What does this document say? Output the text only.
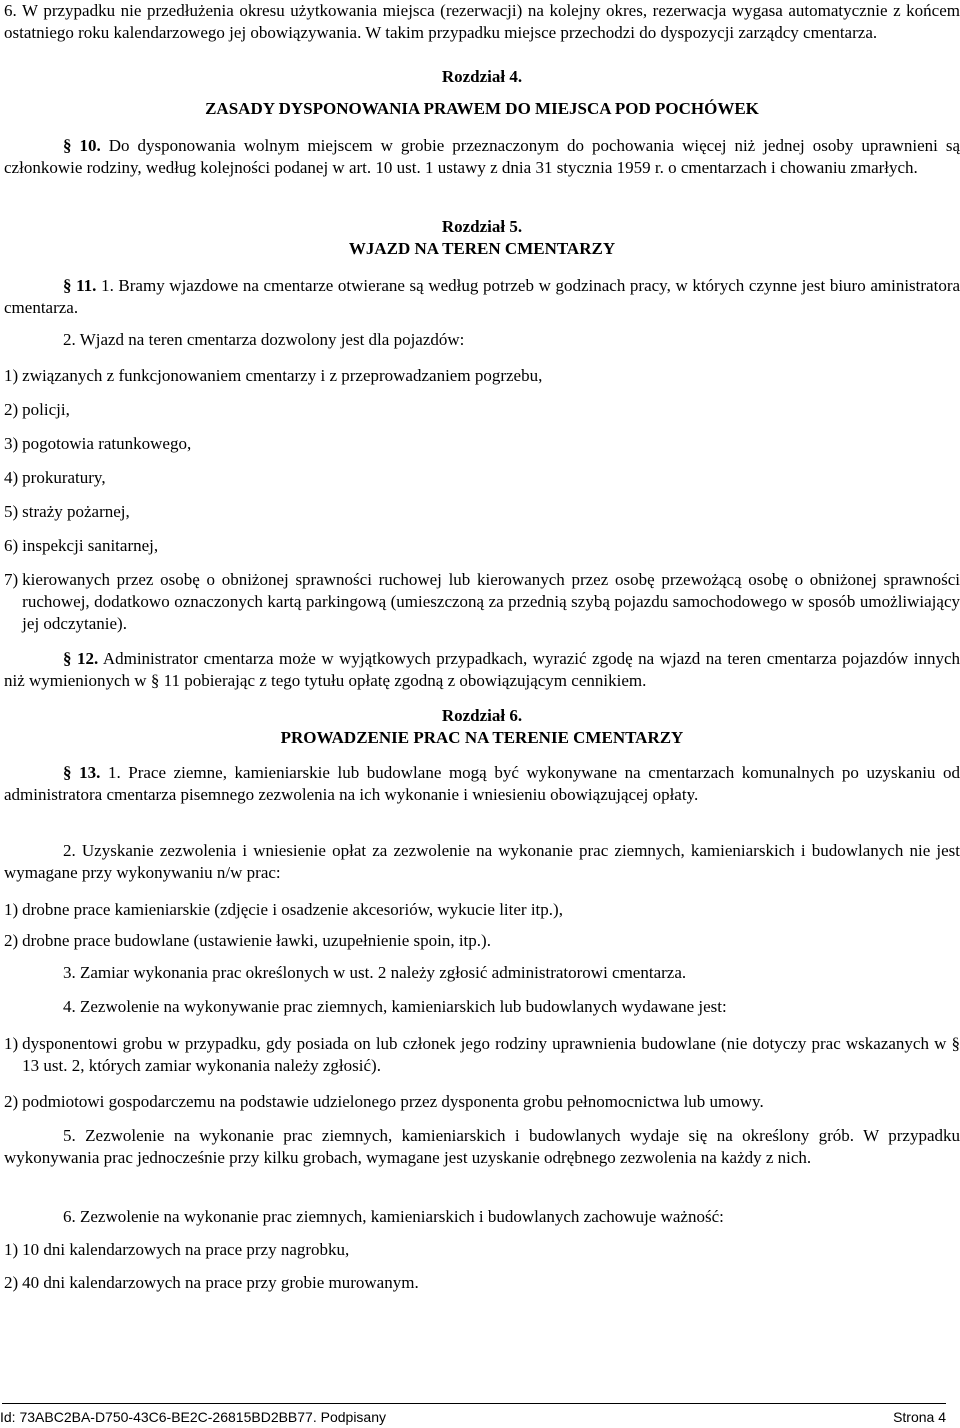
6. W przypadku nie przedłużenia okresu użytkowania miejsca (rezerwacji) na kolejny okres, rezerwacja wygasa automatycznie z końcem ostatniego roku kalendarzowego jej obowiązywania. W takim przypadku miejsce przechodzi do dyspozycji zarządcy cmentarza.

Rozdział 4.

ZASADY DYSPONOWANIA PRAWEM DO MIEJSCA POD POCHÓWEK

§ 10. Do dysponowania wolnym miejscem w grobie przeznaczonym do pochowania więcej niż jednej osoby uprawnieni są członkowie rodziny, według kolejności podanej w art. 10 ust. 1 ustawy z dnia 31 stycznia 1959 r. o cmentarzach i chowaniu zmarłych.

Rozdział 5.

WJAZD NA TEREN CMENTARZY

§ 11. 1. Bramy wjazdowe na cmentarze otwierane są według potrzeb w godzinach pracy, w których czynne jest biuro aministratora cmentarza.

2. Wjazd na teren cmentarza dozwolony jest dla pojazdów:

1) związanych z funkcjonowaniem cmentarzy i z przeprowadzaniem pogrzebu,
2) policji,
3) pogotowia ratunkowego,
4) prokuratury,
5) straży pożarnej,
6) inspekcji sanitarnej,
7) kierowanych przez osobę o obniżonej sprawności ruchowej lub kierowanych przez osobę przewożącą osobę o obniżonej sprawności ruchowej, dodatkowo oznaczonych kartą parkingową (umieszczoną za przednią szybą pojazdu samochodowego w sposób umożliwiający jej odczytanie).

§ 12. Administrator cmentarza może w wyjątkowych przypadkach, wyrazić zgodę na wjazd na teren cmentarza pojazdów innych niż wymienionych w § 11 pobierając z tego tytułu opłatę zgodną z obowiązującym cennikiem.

Rozdział 6.

PROWADZENIE PRAC NA TERENIE CMENTARZY

§ 13. 1. Prace ziemne, kamieniarskie lub budowlane mogą być wykonywane na cmentarzach komunalnych po uzyskaniu od administratora cmentarza pisemnego zezwolenia na ich wykonanie i wniesieniu obowiązującej opłaty.

2. Uzyskanie zezwolenia i wniesienie opłat za zezwolenie na wykonanie prac ziemnych, kamieniarskich i budowlanych nie jest wymagane przy wykonywaniu n/w prac:

1) drobne prace kamieniarskie (zdjęcie i osadzenie akcesoriów, wykucie liter itp.),
2) drobne prace budowlane (ustawienie ławki, uzupełnienie spoin, itp.).

3. Zamiar wykonania prac określonych w ust. 2 należy zgłosić administratorowi cmentarza.

4. Zezwolenie na wykonywanie prac ziemnych, kamieniarskich lub budowlanych wydawane jest:

1) dysponentowi grobu w przypadku, gdy posiada on lub członek jego rodziny uprawnienia budowlane (nie dotyczy prac wskazanych w § 13 ust. 2, których zamiar wykonania należy zgłosić).
2) podmiotowi gospodarczemu na podstawie udzielonego przez dysponenta grobu pełnomocnictwa lub umowy.

5. Zezwolenie na wykonanie prac ziemnych, kamieniarskich i budowlanych wydaje się na określony grób. W przypadku wykonywania prac jednocześnie przy kilku grobach, wymagane jest uzyskanie odrębnego zezwolenia na każdy z nich.

6. Zezwolenie na wykonanie prac ziemnych, kamieniarskich i budowlanych zachowuje ważność:

1) 10 dni kalendarzowych na prace przy nagrobku,
2) 40 dni kalendarzowych na prace przy grobie murowanym.
Id: 73ABC2BA-D750-43C6-BE2C-26815BD2BB77. Podpisany	Strona 4
